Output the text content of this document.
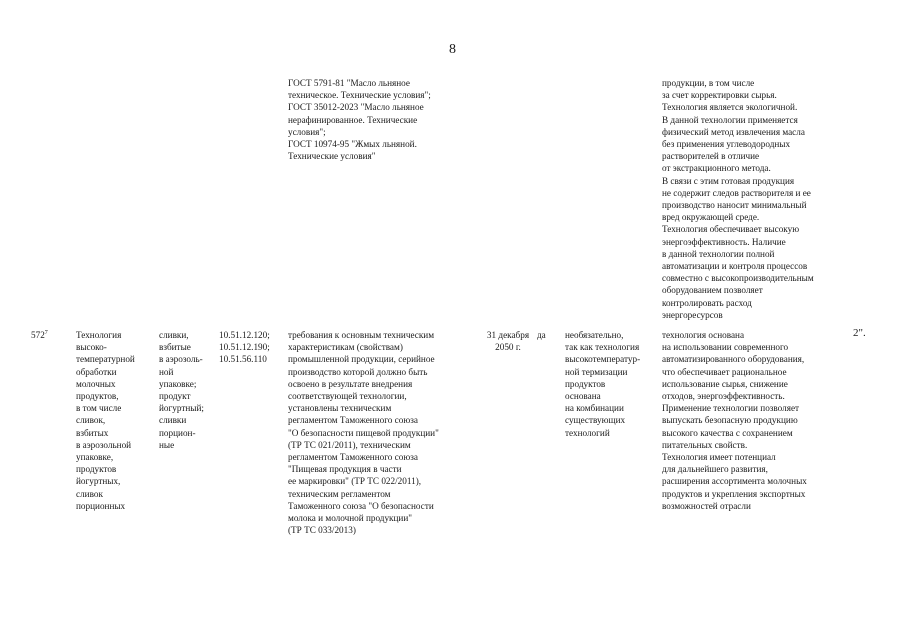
8
ГОСТ 5791-81 "Масло льняное
техническое. Технические условия";
ГОСТ 35012-2023 "Масло льняное
нерафинированное. Технические
условия";
ГОСТ 10974-95 "Жмых льняной.
Технические условия"
продукции, в том числе
за счет корректировки сырья.
Технология является экологичной.
В данной технологии применяется
физический метод извлечения масла
без применения углеводородных
растворителей в отличие
от экстракционного метода.
В связи с этим готовая продукция
не содержит следов растворителя и ее
производство наносит минимальный
вред окружающей среде.
Технология обеспечивает высокую
энергоэффективность. Наличие
в данной технологии полной
автоматизации и контроля процессов
совместно с высокопроизводительным
оборудованием позволяет
контролировать расход
энергоресурсов
$572^7$	Технология
высоко-
температурной
обработки
молочных
продуктов,
в том числе
сливок,
взбитых
в аэрозольной
упаковке,
продуктов
йогуртных,
сливок
порционных
сливки,
взбитые
в аэрозоль-
ной
упаковке;
продукт
йогуртный;
сливки
порцион-
ные
10.51.12.120;
10.51.12.190;
10.51.56.110
требования к основным техническим
характеристикам (свойствам)
промышленной продукции, серийное
производство которой должно быть
освоено в результате внедрения
соответствующей технологии,
установлены техническим
регламентом Таможенного союза
"О безопасности пищевой продукции"
(ТР ТС 021/2011), техническим
регламентом Таможенного союза
"Пищевая продукция в части
ее маркировки" (ТР ТС 022/2011),
техническим регламентом
Таможенного союза "О безопасности
молока и молочной продукции"
(ТР ТС 033/2013)
31 декабря
2050 г.
да	необязательно,
так как технология
высокотемператур-
ной термизации
продуктов
основана
на комбинации
существующих
технологий
технология основана
на использовании современного
автоматизированного оборудования,
что обеспечивает рациональное
использование сырья, снижение
отходов, энергоэффективность.
Применение технологии позволяет
выпускать безопасную продукцию
высокого качества с сохранением
питательных свойств.
Технология имеет потенциал
для дальнейшего развития,
расширения ассортимента молочных
продуктов и укрепления экспортных
возможностей отрасли
2".
